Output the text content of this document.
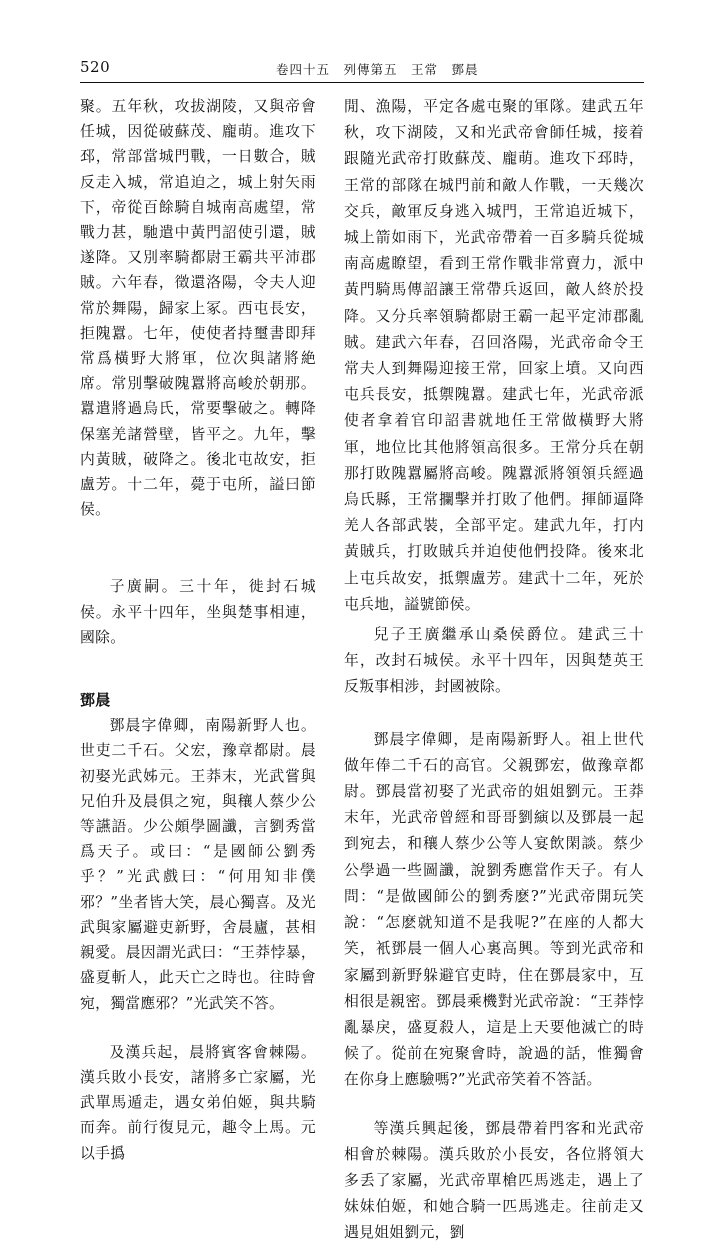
520	卷四十五　列傳第五　王常　鄧晨

聚。五年秋，攻拔湖陵，又與帝會任城，因從破蘇茂、龐萌。進攻下邳，常部當城門戰，一日數合，賊反走入城，常追迫之，城上射矢雨下，帝從百餘騎自城南高處望，常戰力甚，馳遣中黃門詔使引還，賊遂降。又別率騎都尉王霸共平沛郡賊。六年春，徵還洛陽，令夫人迎常於舞陽，歸家上冢。西屯長安，拒隗囂。七年，使使者持璽書即拜常爲橫野大將軍，位次與諸將絶席。常別擊破隗囂將高峻於朝那。囂遣將過烏氏，常要擊破之。轉降保塞羌諸營壁，皆平之。九年，擊内黃賊，破降之。後北屯故安，拒盧芳。十二年，薨于屯所，謚曰節侯。

子廣嗣。三十年，徙封石城侯。永平十四年，坐與楚事相連，國除。

鄧晨

鄧晨字偉卿，南陽新野人也。世吏二千石。父宏，豫章都尉。晨初娶光武姊元。王莽末，光武嘗與兄伯升及晨俱之宛，與穰人蔡少公等讌語。少公頗學圖讖，言劉秀當爲天子。或曰：“是國師公劉秀乎？”光武戲曰：“何用知非僕邪？”坐者皆大笑，晨心獨喜。及光武與家屬避吏新野，舍晨廬，甚相親愛。晨因謂光武曰：“王莽悖暴，盛夏斬人，此天亡之時也。往時會宛，獨當應邪？”光武笑不答。

及漢兵起，晨將賓客會棘陽。漢兵敗小長安，諸將多亡家屬，光武單馬遁走，遇女弟伯姬，與共騎而奔。前行復見元，趣令上馬。元以手撝

閒、漁陽，平定各處屯聚的軍隊。建武五年秋，攻下湖陵，又和光武帝會師任城，接着跟隨光武帝打敗蘇茂、龐萌。進攻下邳時，王常的部隊在城門前和敵人作戰，一天幾次交兵，敵軍反身逃入城門，王常追近城下，城上箭如雨下，光武帝帶着一百多騎兵從城南高處瞭望，看到王常作戰非常賣力，派中黃門騎馬傳詔讓王常帶兵返回，敵人終於投降。又分兵率領騎都尉王霸一起平定沛郡亂賊。建武六年春，召回洛陽，光武帝命令王常夫人到舞陽迎接王常，回家上墳。又向西屯兵長安，抵禦隗囂。建武七年，光武帝派使者拿着官印詔書就地任王常做橫野大將軍，地位比其他將領高很多。王常分兵在朝那打敗隗囂屬將高峻。隗囂派將領領兵經過烏氏縣，王常攔擊并打敗了他們。揮師逼降羌人各部武裝，全部平定。建武九年，打内黃賊兵，打敗賊兵并迫使他們投降。後來北上屯兵故安，抵禦盧芳。建武十二年，死於屯兵地，謚號節侯。

兒子王廣繼承山桑侯爵位。建武三十年，改封石城侯。永平十四年，因與楚英王反叛事相涉，封國被除。

鄧晨字偉卿，是南陽新野人。祖上世代做年俸二千石的高官。父親鄧宏，做豫章都尉。鄧晨當初娶了光武帝的姐姐劉元。王莽末年，光武帝曾經和哥哥劉縯以及鄧晨一起到宛去，和穰人蔡少公等人宴飲閑談。蔡少公學過一些圖讖，說劉秀應當作天子。有人問：“是做國師公的劉秀麽?”光武帝開玩笑說：“怎麽就知道不是我呢?”在座的人都大笑，衹鄧晨一個人心裏高興。等到光武帝和家屬到新野躲避官吏時，住在鄧晨家中，互相很是親密。鄧晨乘機對光武帝說：“王莽悖亂暴戾，盛夏殺人，這是上天要他滅亡的時候了。從前在宛聚會時，說過的話，惟獨會在你身上應驗嗎?”光武帝笑着不答話。

等漢兵興起後，鄧晨帶着門客和光武帝相會於棘陽。漢兵敗於小長安，各位將領大多丢了家屬，光武帝單槍匹馬逃走，遇上了妹妹伯姬，和她合騎一匹馬逃走。往前走又遇見姐姐劉元，劉
